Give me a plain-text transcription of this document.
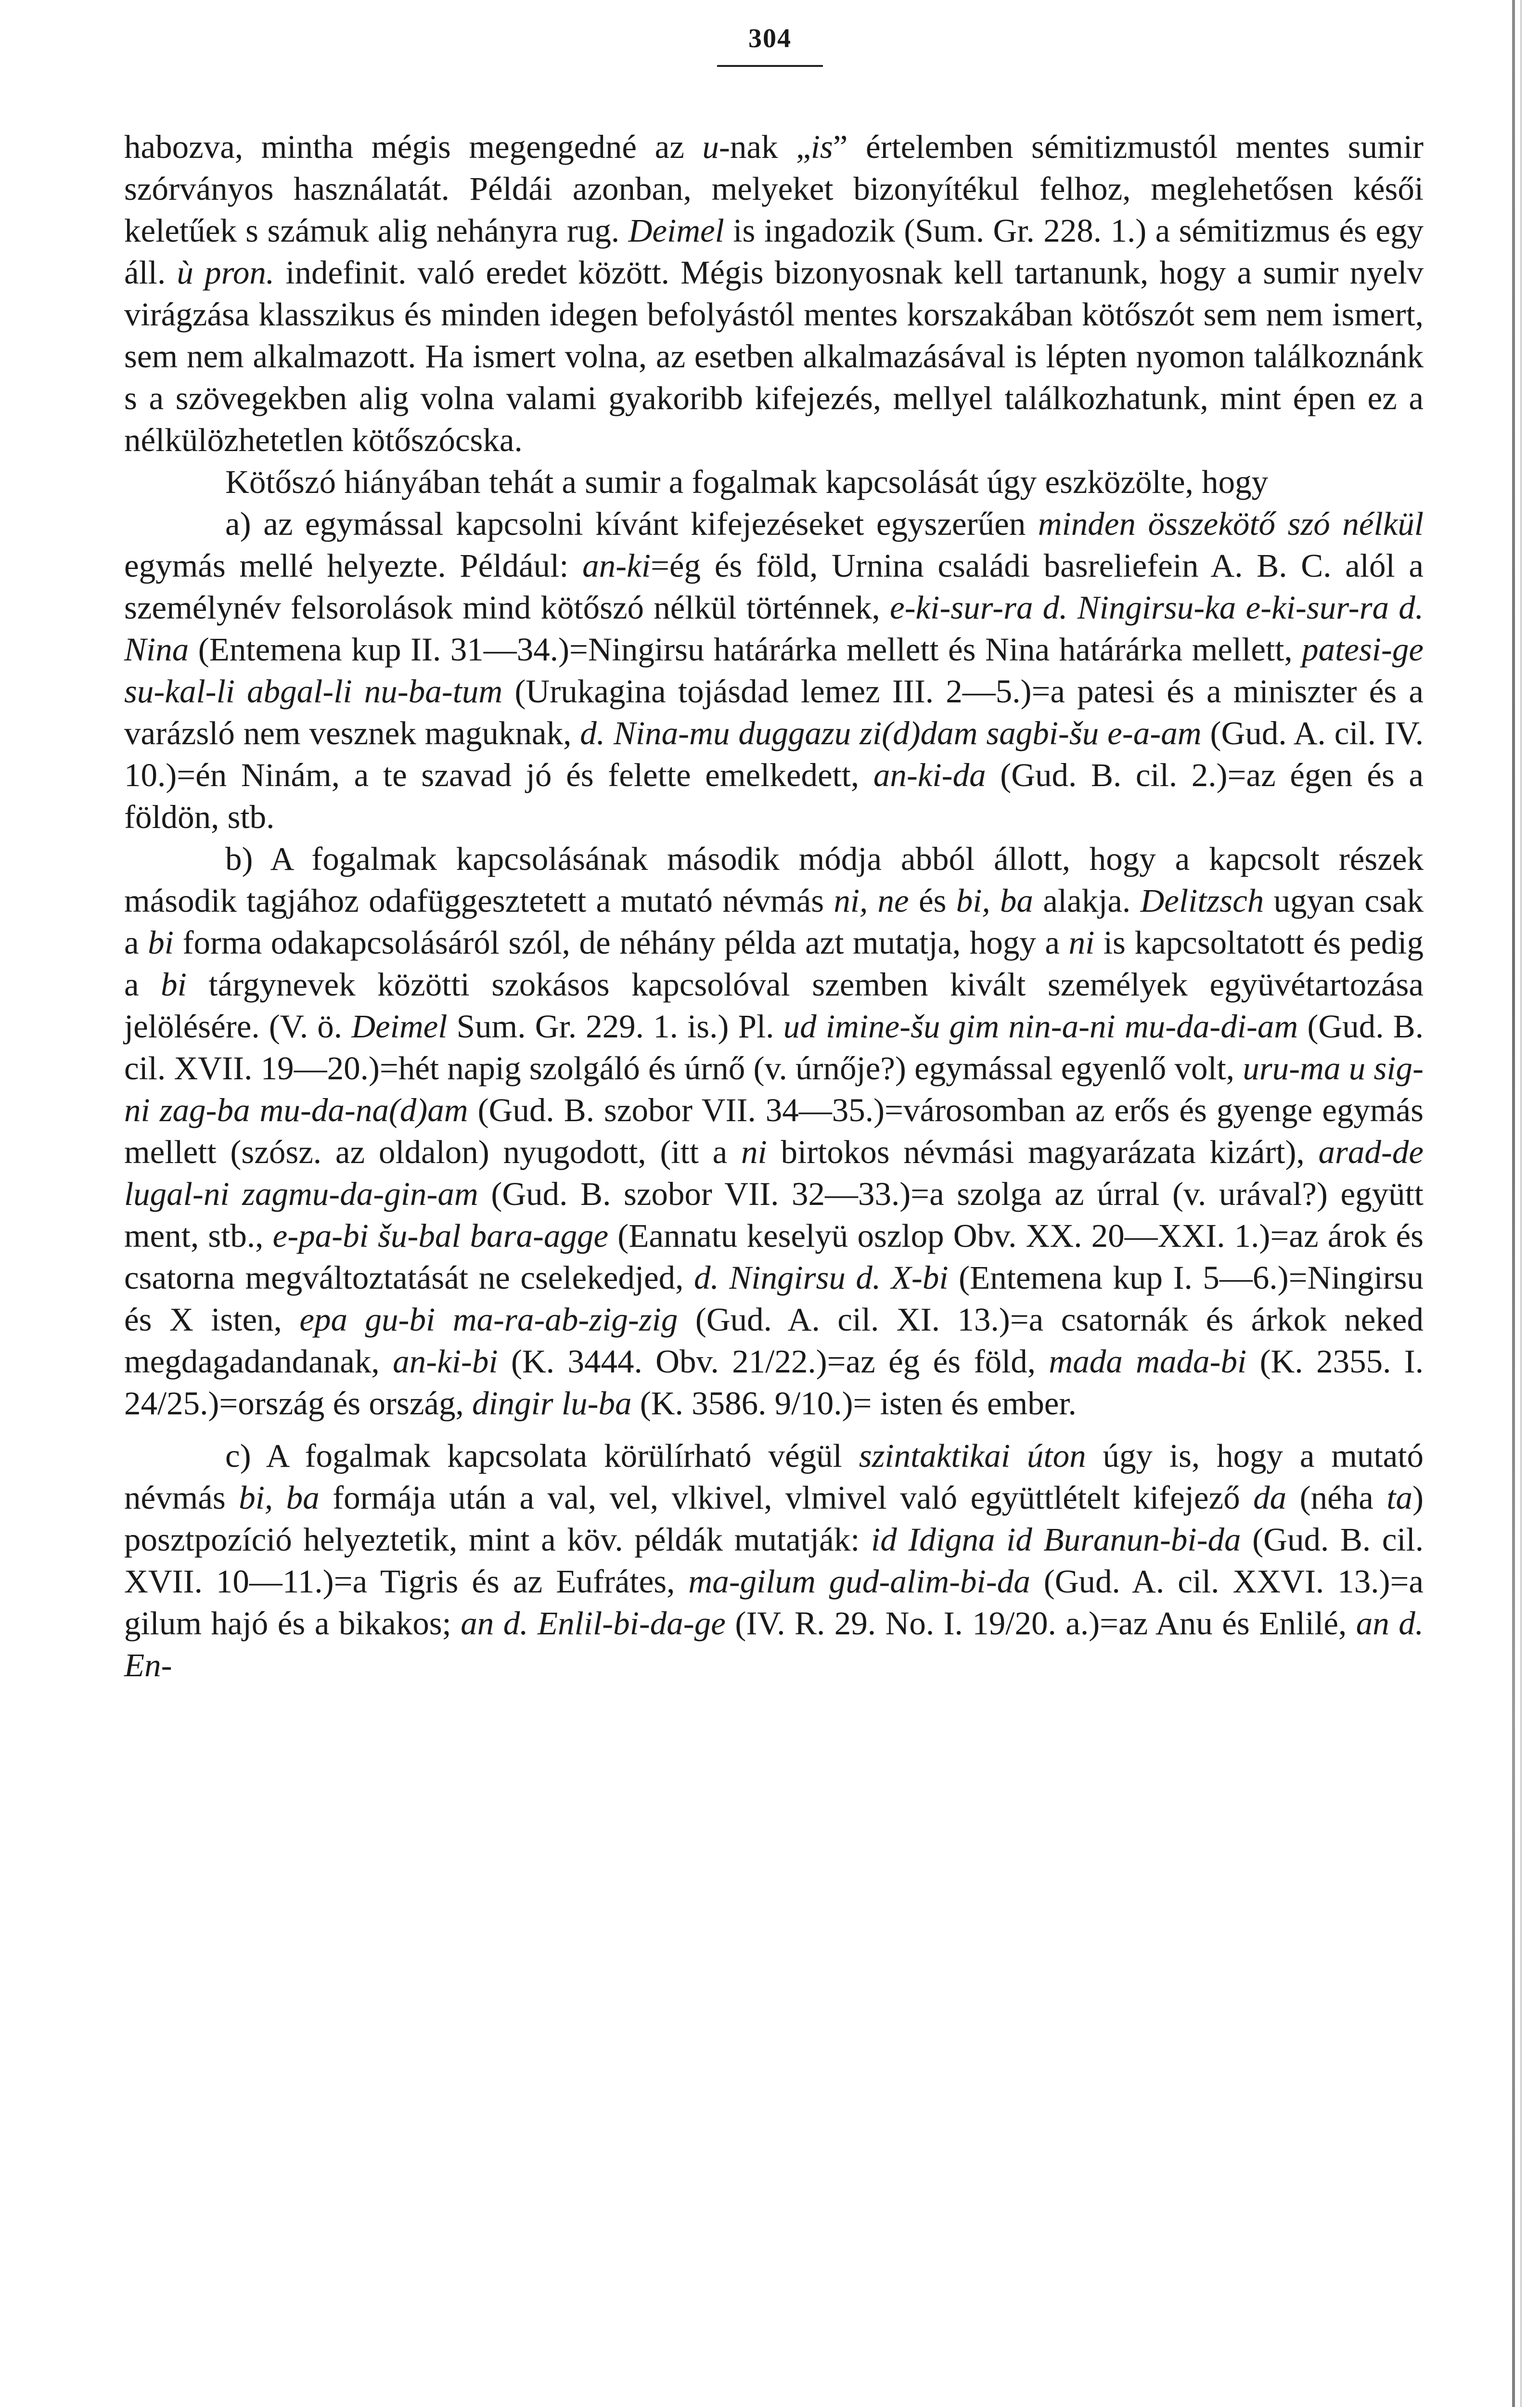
304

habozva, mintha mégis megengedné az u-nak „is” értelemben sémitizmustól mentes sumir szórványos használatát. Példái azonban, melyeket bizonyítékul felhoz, meglehetősen késői keletűek s számuk alig nehányra rug. Deimel is ingadozik (Sum. Gr. 228. 1.) a sémitizmus és egy áll. ù pron. indefinit. való eredet között. Mégis bizonyosnak kell tartanunk, hogy a sumir nyelv virágzása klasszikus és minden idegen befolyástól mentes korszakában kötőszót sem nem ismert, sem nem alkalmazott. Ha ismert volna, az esetben alkalmazásával is lépten nyomon találkoznánk s a szövegekben alig volna valami gyakoribb kifejezés, mellyel találkozhatunk, mint épen ez a nélkülözhetetlen kötőszócska.

Kötőszó hiányában tehát a sumir a fogalmak kapcsolását úgy eszközölte, hogy

a) az egymással kapcsolni kívánt kifejezéseket egyszerűen minden összekötő szó nélkül egymás mellé helyezte. Például: an-ki=ég és föld, Urnina családi basreliefein A. B. C. alól a személynév felsorolások mind kötőszó nélkül történnek, e-ki-sur-ra d. Ningirsu-ka e-ki-sur-ra d. Nina (Entemena kup II. 31—34.)=Ningirsu határárka mellett és Nina határárka mellett, patesi-ge su-kal-li abgal-li nu-ba-tum (Urukagina tojásdad lemez III. 2—5.)=a patesi és a miniszter és a varázsló nem vesznek maguknak, d. Nina-mu duggazu zi(d)dam sagbi-šu e-a-am (Gud. A. cil. IV. 10.)=én Ninám, a te szavad jó és felette emelkedett, an-ki-da (Gud. B. cil. 2.)=az égen és a földön, stb.

b) A fogalmak kapcsolásának második módja abból állott, hogy a kapcsolt részek második tagjához odafüggesztetett a mutató névmás ni, ne és bi, ba alakja. Delitzsch ugyan csak a bi forma odakapcsolásáról szól, de néhány példa azt mutatja, hogy a ni is kapcsoltatott és pedig a bi tárgynevek közötti szokásos kapcsolóval szemben kivált személyek együvétartozása jelölésére. (V. ö. Deimel Sum. Gr. 229. 1. is.) Pl. ud imine-šu gim nin-a-ni mu-da-di-am (Gud. B. cil. XVII. 19—20.)=hét napig szolgáló és úrnő (v. úrnője?) egymással egyenlő volt, uru-ma u sig-ni zag-ba mu-da-na(d)am (Gud. B. szobor VII. 34—35.)=városomban az erős és gyenge egymás mellett (szósz. az oldalon) nyugodott, (itt a ni birtokos névmási magyarázata kizárt), arad-de lugal-ni zagmu-da-gin-am (Gud. B. szobor VII. 32—33.)=a szolga az úrral (v. urával?) együtt ment, stb., e-pa-bi šu-bal bara-agge (Eannatu keselyü oszlop Obv. XX. 20—XXI. 1.)=az árok és csatorna megváltoztatását ne cselekedjed, d. Ningirsu d. X-bi (Entemena kup I. 5—6.)=Ningirsu és X isten, epa gu-bi ma-ra-ab-zig-zig (Gud. A. cil. XI. 13.)=a csatornák és árkok neked megdagadandanak, an-ki-bi (K. 3444. Obv. 21/22.)=az ég és föld, mada mada-bi (K. 2355. I. 24/25.)=ország és ország, dingir lu-ba (K. 3586. 9/10.)= isten és ember.

c) A fogalmak kapcsolata körülírható végül szintaktikai úton úgy is, hogy a mutató névmás bi, ba formája után a val, vel, vlkivel, vlmivel való együttlételt kifejező da (néha ta) posztpozíció helyeztetik, mint a köv. példák mutatják: id Idigna id Buranun-bi-da (Gud. B. cil. XVII. 10—11.)=a Tigris és az Eufrátes, ma-gilum gud-alim-bi-da (Gud. A. cil. XXVI. 13.)=a gilum hajó és a bikakos; an d. Enlil-bi-da-ge (IV. R. 29. No. I. 19/20. a.)=az Anu és Enlilé, an d. En-
